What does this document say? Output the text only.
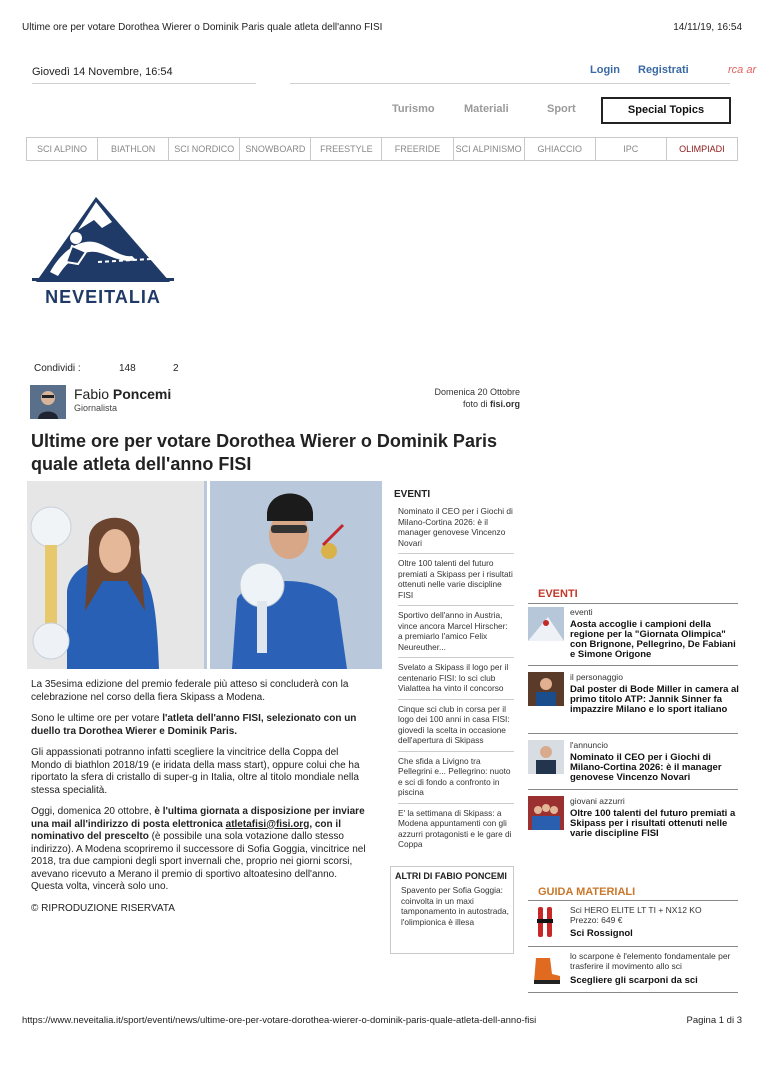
Ultime ore per votare Dorothea Wierer o Dominik Paris quale atleta dell'anno FISI	14/11/19, 16:54
Giovedì 14 Novembre, 16:54	Login Registrati	rca ar
Turismo	Materiali	Sport	Special Topics
SCI ALPINO	BIATHLON	SCI NORDICO	SNOWBOARD	FREESTYLE	FREERIDE	SCI ALPINISMO	GHIACCIO	IPC	OLIMPIADI
NEVEITALIA
Condividi :	148	2
Fabio Poncemi
Giornalista
Domenica 20 Ottobre
foto di fisi.org
Ultime ore per votare Dorothea Wierer o Dominik Paris quale atleta dell'anno FISI

La 35esima edizione del premio federale più atteso si concluderà con la celebrazione nel corso della fiera Skipass a Modena.

Sono le ultime ore per votare l'atleta dell'anno FISI, selezionato con un duello tra Dorothea Wierer e Dominik Paris.

Gli appassionati potranno infatti scegliere la vincitrice della Coppa del Mondo di biathlon 2018/19 (e iridata della mass start), oppure colui che ha riportato la sfera di cristallo di super-g in Italia, oltre al titolo mondiale nella stessa specialità.

Oggi, domenica 20 ottobre, è l'ultima giornata a disposizione per inviare una mail all'indirizzo di posta elettronica atletafisi@fisi.org, con il nominativo del prescelto (è possibile una sola votazione dallo stesso indirizzo). A Modena scopriremo il successore di Sofia Goggia, vincitrice nel 2018, tra due campioni degli sport invernali che, proprio nei giorni scorsi, avevano ricevuto a Merano il premio di sportivo altoatesino dell'anno. Questa volta, vincerà solo uno.

© RIPRODUZIONE RISERVATA

EVENTI
Nominato il CEO per i Giochi di Milano-Cortina 2026: è il manager genovese Vincenzo Novari
Oltre 100 talenti del futuro premiati a Skipass per i risultati ottenuti nelle varie discipline FISI
Sportivo dell'anno in Austria, vince ancora Marcel Hirscher: a premiarlo l'amico Felix Neureuther...
Svelato a Skipass il logo per il centenario FISI: lo sci club Vialattea ha vinto il concorso
Cinque sci club in corsa per il logo dei 100 anni in casa FISI: giovedì la scelta in occasione dell'apertura di Skipass
Che sfida a Livigno tra Pellegrini e... Pellegrino: nuoto e sci di fondo a confronto in piscina
E' la settimana di Skipass: a Modena appuntamenti con gli azzurri protagonisti e le gare di Coppa
ALTRI DI FABIO PONCEMI
Spavento per Sofia Goggia: coinvolta in un maxi tamponamento in autostrada, l'olimpionica è illesa
EVENTI
eventi
Aosta accoglie i campioni della regione per la "Giornata Olimpica" con Brignone, Pellegrino, De Fabiani e Simone Origone
il personaggio
Dal poster di Bode Miller in camera al primo titolo ATP: Jannik Sinner fa impazzire Milano e lo sport italiano
l'annuncio
Nominato il CEO per i Giochi di Milano-Cortina 2026: è il manager genovese Vincenzo Novari
giovani azzurri
Oltre 100 talenti del futuro premiati a Skipass per i risultati ottenuti nelle varie discipline FISI
GUIDA MATERIALI
Sci HERO ELITE LT TI + NX12 KO
Prezzo: 649 €
Sci Rossignol
lo scarpone è l'elemento fondamentale per trasferire il movimento allo sci
Scegliere gli scarponi da sci
https://www.neveitalia.it/sport/eventi/news/ultime-ore-per-votare-dorothea-wierer-o-dominik-paris-quale-atleta-dell-anno-fisi	Pagina 1 di 3
